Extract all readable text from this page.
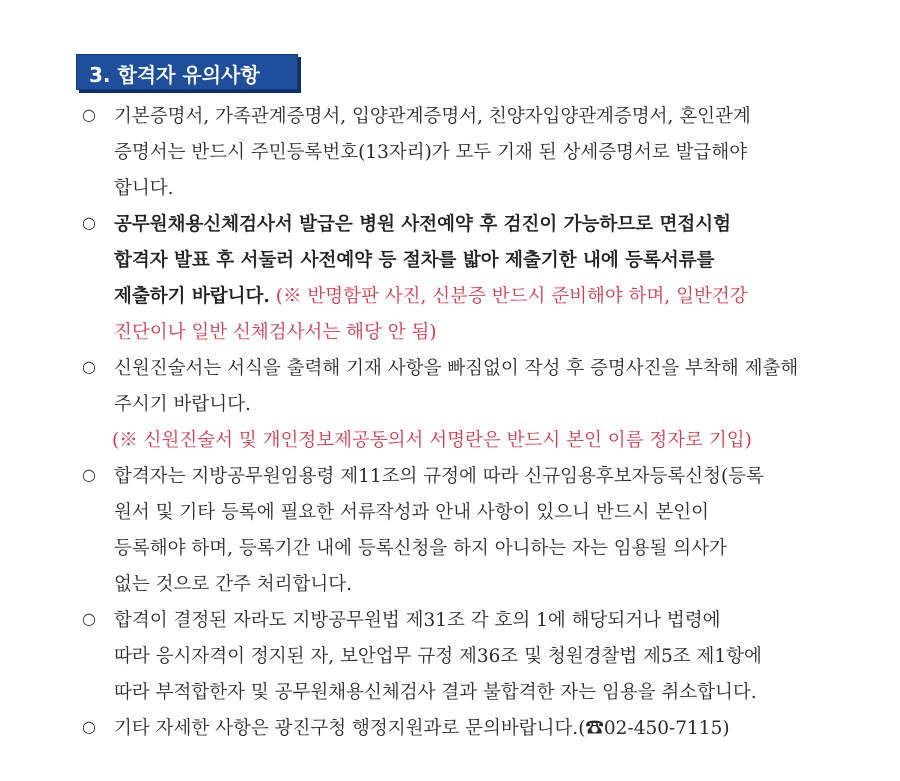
3. 합격자 유의사항
○ 기본증명서, 가족관계증명서, 입양관계증명서, 친양자입양관계증명서, 혼인관계
증명서는 반드시 주민등록번호(13자리)가 모두 기재 된 상세증명서로 발급해야
합니다.
○ 공무원채용신체검사서 발급은 병원 사전예약 후 검진이 가능하므로 면접시험
합격자 발표 후 서둘러 사전예약 등 절차를 밟아 제출기한 내에 등록서류를
제출하기 바랍니다. (※ 반명함판 사진, 신분증 반드시 준비해야 하며, 일반건강
진단이나 일반 신체검사서는 해당 안 됨)
○ 신원진술서는 서식을 출력해 기재 사항을 빠짐없이 작성 후 증명사진을 부착해 제출해
주시기 바랍니다.
(※ 신원진술서 및 개인정보제공동의서 서명란은 반드시 본인 이름 정자로 기입)
○ 합격자는 지방공무원임용령 제11조의 규정에 따라 신규임용후보자등록신청(등록
원서 및 기타 등록에 필요한 서류작성과 안내 사항이 있으니 반드시 본인이
등록해야 하며, 등록기간 내에 등록신청을 하지 아니하는 자는 임용될 의사가
없는 것으로 간주 처리합니다.
○ 합격이 결정된 자라도 지방공무원법 제31조 각 호의 1에 해당되거나 법령에
따라 응시자격이 정지된 자, 보안업무 규정 제36조 및 청원경찰법 제5조 제1항에
따라 부적합한자 및 공무원채용신체검사 결과 불합격한 자는 임용을 취소합니다.
○ 기타 자세한 사항은 광진구청 행정지원과로 문의바랍니다.(☎02-450-7115)
